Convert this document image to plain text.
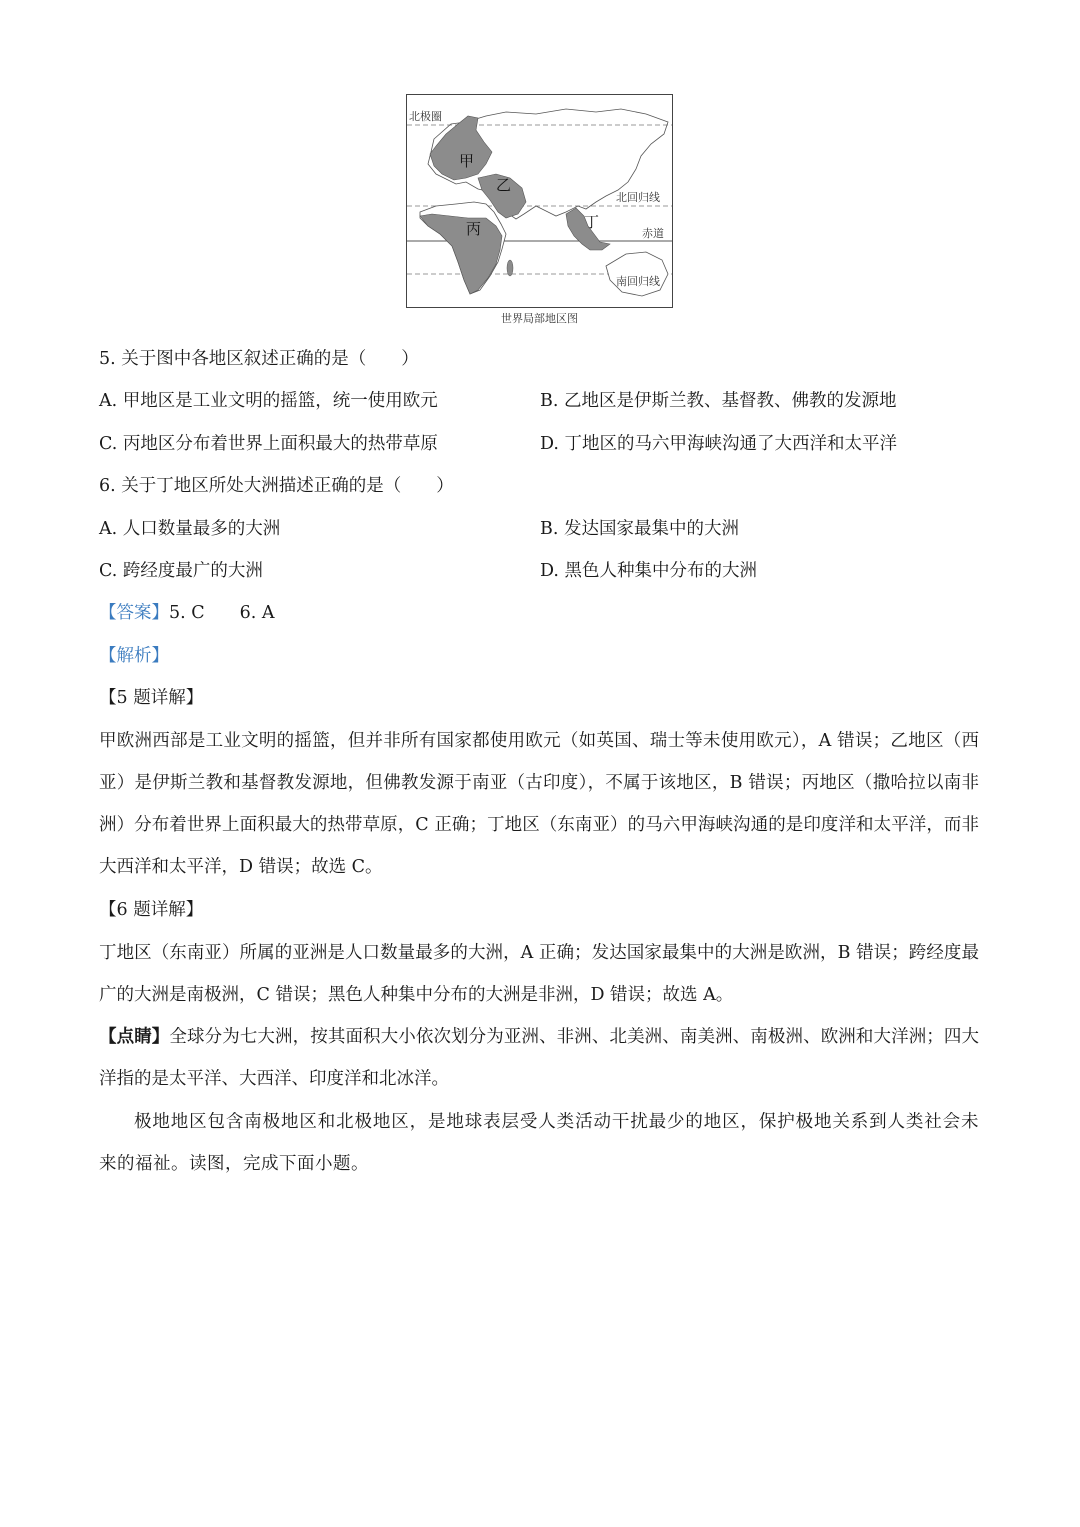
北极圈
北回归线
赤道
南回归线
甲
乙
丙	丁
世界局部地区图
5. 关于图中各地区叙述正确的是（　　）
A. 甲地区是工业文明的摇篮，统一使用欧元	B. 乙地区是伊斯兰教、基督教、佛教的发源地
C. 丙地区分布着世界上面积最大的热带草原	D. 丁地区的马六甲海峡沟通了大西洋和太平洋
6. 关于丁地区所处大洲描述正确的是（　　）
A. 人口数量最多的大洲	B. 发达国家最集中的大洲
C. 跨经度最广的大洲	D. 黑色人种集中分布的大洲
【答案】5. C　　6. A
【解析】
【5 题详解】

甲欧洲西部是工业文明的摇篮，但并非所有国家都使用欧元（如英国、瑞士等未使用欧元），A 错误；乙地区（西亚）是伊斯兰教和基督教发源地，但佛教发源于南亚（古印度），不属于该地区，B 错误；丙地区（撒哈拉以南非洲）分布着世界上面积最大的热带草原，C 正确；丁地区（东南亚）的马六甲海峡沟通的是印度洋和太平洋，而非大西洋和太平洋，D 错误；故选 C。

【6 题详解】

丁地区（东南亚）所属的亚洲是人口数量最多的大洲，A 正确；发达国家最集中的大洲是欧洲，B 错误；跨经度最广的大洲是南极洲，C 错误；黑色人种集中分布的大洲是非洲，D 错误；故选 A。

【点睛】全球分为七大洲，按其面积大小依次划分为亚洲、非洲、北美洲、南美洲、南极洲、欧洲和大洋洲；四大洋指的是太平洋、大西洋、印度洋和北冰洋。

极地地区包含南极地区和北极地区，是地球表层受人类活动干扰最少的地区，保护极地关系到人类社会未来的福祉。读图，完成下面小题。
